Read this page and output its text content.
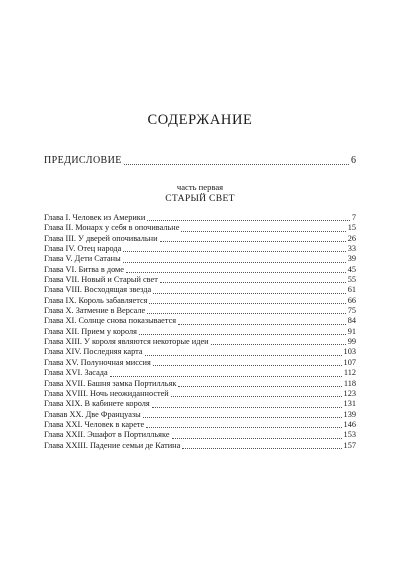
СОДЕРЖАНИЕ
ПРЕДИСЛОВИЕ	6
часть первая
СТАРЫЙ СВЕТ
Глава I. Человек из Америки	7
Глава II. Монарх у себя в опочивальне	15
Глава III. У дверей опочивальни	26
Глава IV. Отец народа	33
Глава V. Дети Сатаны	39
Глава VI. Битва в доме	45
Глава VII. Новый и Старый свет	55
Глава VIII. Восходящая звезда	61
Глава IX. Король забавляется	66
Глава X. Затмение в Версале	75
Глава XI. Солнце снова показывается	84
Глава XII. Прием у короля	91
Глава XIII. У короля являются некоторые идеи	99
Глава XIV. Последняя карта	103
Глава XV. Полуночная миссия	107
Глава XVI. Засада	112
Глава XVII. Башня замка Портилльяк	118
Глава XVIII. Ночь неожиданностей	123
Глава XIX. В кабинете короля	131
Главав XX. Две Француазы	139
Глава XXI. Человек в карете	146
Глава XXII. Эшафот в Портилльяке	153
Глава XXIII. Падение семьи де Катина	157
